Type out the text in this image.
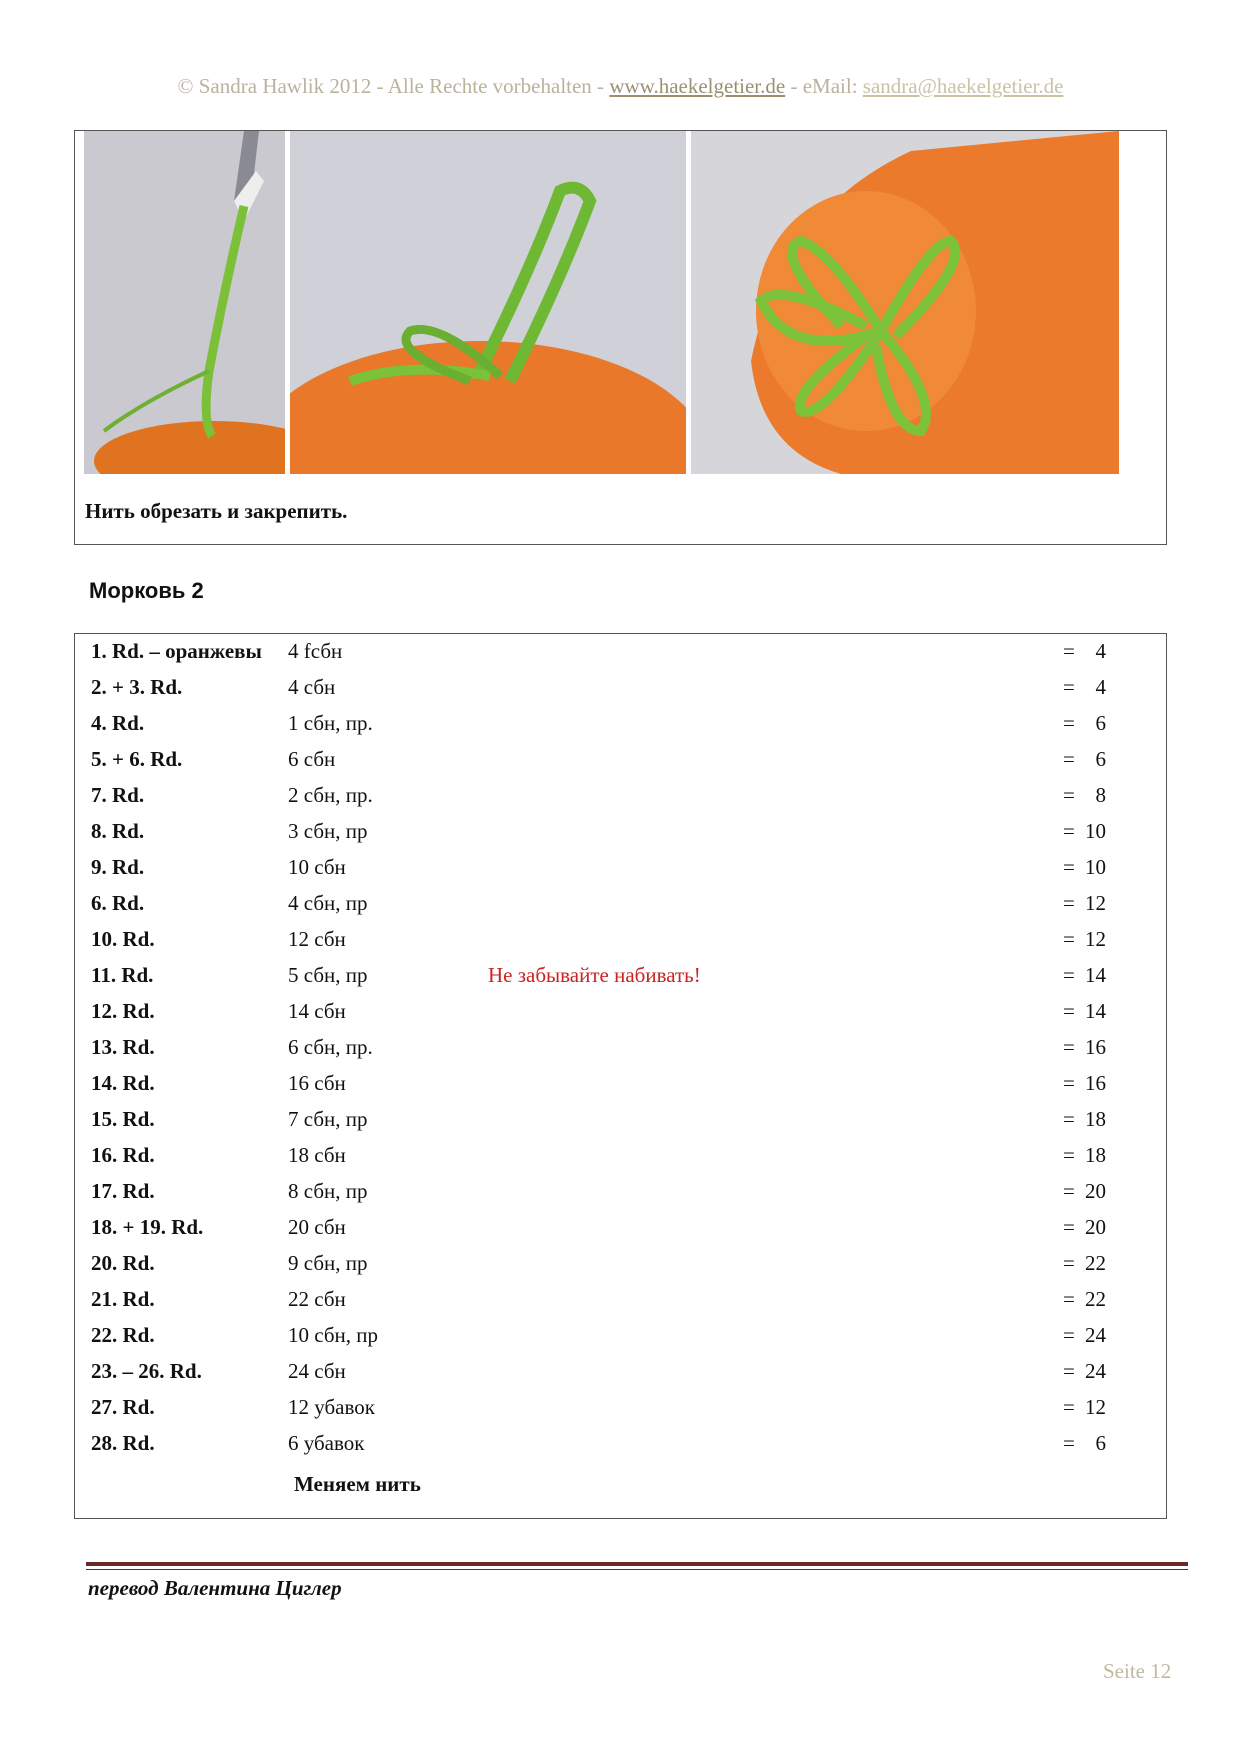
© Sandra Hawlik 2012 - Alle Rechte vorbehalten - www.haekelgetier.de - eMail: sandra@haekelgetier.de
Нить обрезать и закрепить.
Морковь 2
1. Rd. – оранжевы 4 fсбн	= 4
2. + 3. Rd.	4 сбн	= 4
4. Rd.	1 сбн, пр.	= 6
5. + 6. Rd.	6 сбн	= 6
7. Rd.	2 сбн, пр.	= 8
8. Rd.	3 сбн, пр	= 10
9. Rd.	10 сбн	= 10
6. Rd.	4 сбн, пр	= 12
10. Rd.	12 сбн	= 12
11. Rd.	5 сбн, пр	Не забывайте набивать!	= 14
12. Rd.	14 сбн	= 14
13. Rd.	6 сбн, пр.	= 16
14. Rd.	16 сбн	= 16
15. Rd.	7 сбн, пр	= 18
16. Rd.	18 сбн	= 18
17. Rd.	8 сбн, пр	= 20
18. + 19. Rd.	20 сбн	= 20
20. Rd.	9 сбн, пр	= 22
21. Rd.	22 сбн	= 22
22. Rd.	10 сбн, пр	= 24
23. – 26. Rd.	24 сбн	= 24
27. Rd.	12 убавок	= 12
28. Rd.	6 убавок	= 6
Меняем нить
перевод Валентина Циглер
Seite 12
